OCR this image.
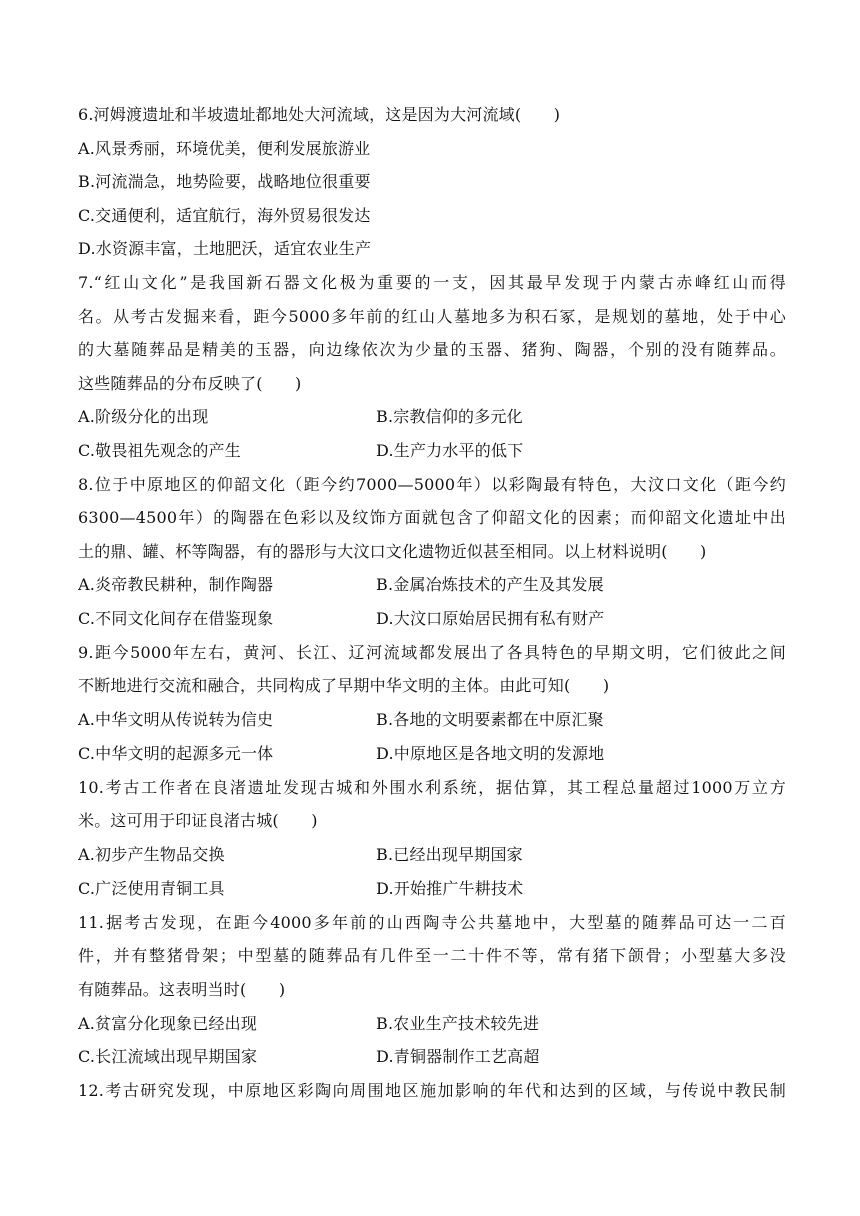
6.河姆渡遗址和半坡遗址都地处大河流域，这是因为大河流域(　　)
A.风景秀丽，环境优美，便利发展旅游业
B.河流湍急，地势险要，战略地位很重要
C.交通便利，适宜航行，海外贸易很发达
D.水资源丰富，土地肥沃，适宜农业生产
7.“红山文化”是我国新石器文化极为重要的一支，因其最早发现于内蒙古赤峰红山而得
名。从考古发掘来看，距今5000多年前的红山人墓地多为积石冢，是规划的墓地，处于中心
的大墓随葬品是精美的玉器，向边缘依次为少量的玉器、猪狗、陶器，个别的没有随葬品。
这些随葬品的分布反映了(　　)
A.阶级分化的出现	B.宗教信仰的多元化
C.敬畏祖先观念的产生	D.生产力水平的低下
8.位于中原地区的仰韶文化（距今约7000—5000年）以彩陶最有特色，大汶口文化（距今约
6300—4500年）的陶器在色彩以及纹饰方面就包含了仰韶文化的因素；而仰韶文化遗址中出
土的鼎、罐、杯等陶器，有的器形与大汶口文化遗物近似甚至相同。以上材料说明(　　)
A.炎帝教民耕种，制作陶器	B.金属冶炼技术的产生及其发展
C.不同文化间存在借鉴现象	D.大汶口原始居民拥有私有财产
9.距今5000年左右，黄河、长江、辽河流域都发展出了各具特色的早期文明，它们彼此之间
不断地进行交流和融合，共同构成了早期中华文明的主体。由此可知(　　)
A.中华文明从传说转为信史	B.各地的文明要素都在中原汇聚
C.中华文明的起源多元一体	D.中原地区是各地文明的发源地
10.考古工作者在良渚遗址发现古城和外围水利系统，据估算，其工程总量超过1000万立方
米。这可用于印证良渚古城(　　)
A.初步产生物品交换	B.已经出现早期国家
C.广泛使用青铜工具	D.开始推广牛耕技术
11.据考古发现，在距今4000多年前的山西陶寺公共墓地中，大型墓的随葬品可达一二百
件，并有整猪骨架；中型墓的随葬品有几件至一二十件不等，常有猪下颌骨；小型墓大多没
有随葬品。这表明当时(　　)
A.贫富分化现象已经出现	B.农业生产技术较先进
C.长江流域出现早期国家	D.青铜器制作工艺高超
12.考古研究发现，中原地区彩陶向周围地区施加影响的年代和达到的区域，与传说中教民制
